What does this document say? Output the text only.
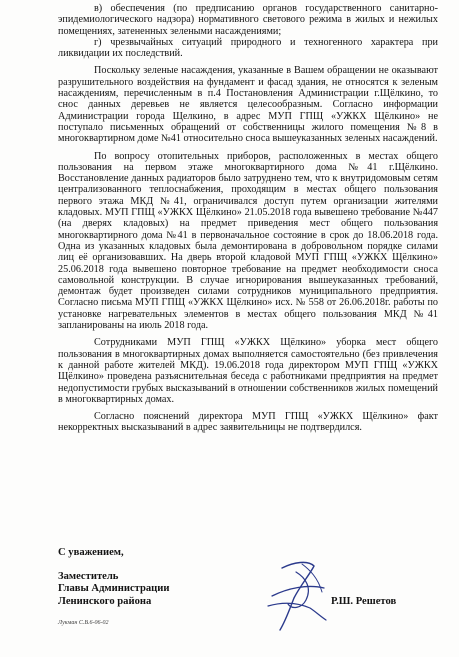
в) обеспечения (по предписанию органов государственного санитарно-эпидемиологического надзора) нормативного светового режима в жилых и нежилых помещениях, затененных зелеными насаждениями;

г) чрезвычайных ситуаций природного и техногенного характера при ликвидации их последствий.

Поскольку зеленые насаждения, указанные в Вашем обращении не оказывают разрушительного воздействия на фундамент и фасад здания, не относятся к зеленым насаждениям, перечисленным в п.4 Постановления Администрации г.Щёлкино, то снос данных деревьев не является целесообразным. Согласно информации Администрации города Щелкино, в адрес МУП ГПЩ «УЖКХ Щёлкино» не поступало письменных обращений от собственницы жилого помещения №8 в многоквартирном доме №41 относительно сноса вышеуказанных зеленых насаждений.

По вопросу отопительных приборов, расположенных в местах общего пользования на первом этаже многоквартирного дома №41 г.Щёлкино. Восстановление данных радиаторов было затруднено тем, что к внутридомовым сетям централизованного теплоснабжения, проходящим в местах общего пользования первого этажа МКД №41, ограничивался доступ путем организации жителями кладовых. МУП ГПЩ «УЖКХ Щёлкино» 21.05.2018 года вывешено требование №447 (на дверях кладовых) на предмет приведения мест общего пользования многоквартирного дома №41 в первоначальное состояние в срок до 18.06.2018 года. Одна из указанных кладовых была демонтирована в добровольном порядке силами лиц её организовавших. На дверь второй кладовой МУП ГПЩ «УЖКХ Щёлкино» 25.06.2018 года вывешено повторное требование на предмет необходимости сноса самовольной конструкции. В случае игнорирования вышеуказанных требований, демонтаж будет произведен силами сотрудников муниципального предприятия. Согласно письма МУП ГПЩ «УЖКХ Щёлкино» исх. № 558 от 26.06.2018г. работы по установке нагревательных элементов в местах общего пользования МКД №41 запланированы на июль 2018 года.

Сотрудниками МУП ГПЩ «УЖКХ Щёлкино» уборка мест общего пользования в многоквартирных домах выполняется самостоятельно (без привлечения к данной работе жителей МКД). 19.06.2018 года директором МУП ГПЩ «УЖКХ Щёлкино» проведена разъяснительная беседа с работниками предприятия на предмет недопустимости грубых высказываний в отношении собственников жилых помещений в многоквартирных домах.

Согласно пояснений директора МУП ГПЩ «УЖКХ Щёлкино» факт некорректных высказываний в адрес заявительницы не подтвердился.

С уважением,
Заместитель
Главы Администрации
Ленинского района
Лукман С.В.6-06-02
Р.Ш. Решетов
